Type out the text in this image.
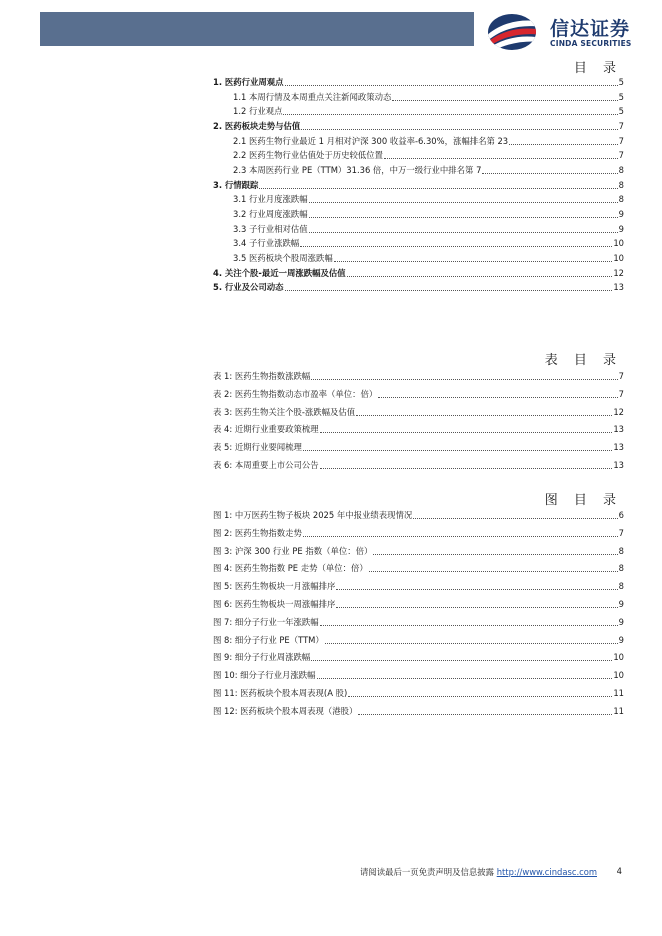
信达证券
CINDA SECURITIES
目 录
1. 医药行业周观点	5
1.1 本周行情及本周重点关注新闻政策动态	5
1.2 行业观点	5
2. 医药板块走势与估值	7
2.1 医药生物行业最近 1 月相对沪深 300 收益率-6.30%，涨幅排名第 23	7
2.2 医药生物行业估值处于历史较低位置	7
2.3 本周医药行业 PE（TTM）31.36 倍，中万一级行业中排名第 7	8
3. 行情跟踪	8
3.1 行业月度涨跌幅	8
3.2 行业周度涨跌幅	9
3.3 子行业相对估值	9
3.4 子行业涨跌幅	10
3.5 医药板块个股周涨跌幅	10
4. 关注个股-最近一周涨跌幅及估值	12
5. 行业及公司动态	13
表 目 录
表 1: 医药生物指数涨跌幅	7
表 2: 医药生物指数动态市盈率（单位：倍）	7
表 3: 医药生物关注个股-涨跌幅及估值	12
表 4: 近期行业重要政策梳理	13
表 5: 近期行业要闻梳理	13
表 6: 本周重要上市公司公告	13
图 目 录
图 1: 中万医药生物子板块 2025 年中报业绩表现情况	6
图 2: 医药生物指数走势	7
图 3: 沪深 300 行业 PE 指数（单位：倍）	8
图 4: 医药生物指数 PE 走势（单位：倍）	8
图 5: 医药生物板块一月涨幅排序	8
图 6: 医药生物板块一周涨幅排序	9
图 7: 细分子行业一年涨跌幅	9
图 8: 细分子行业 PE（TTM）	9
图 9: 细分子行业周涨跌幅	10
图 10: 细分子行业月涨跌幅	10
图 11: 医药板块个股本周表现(A 股)	11
图 12: 医药板块个股本周表现（港股）	11
请阅读最后一页免责声明及信息披露 http://www.cindasc.com 4
